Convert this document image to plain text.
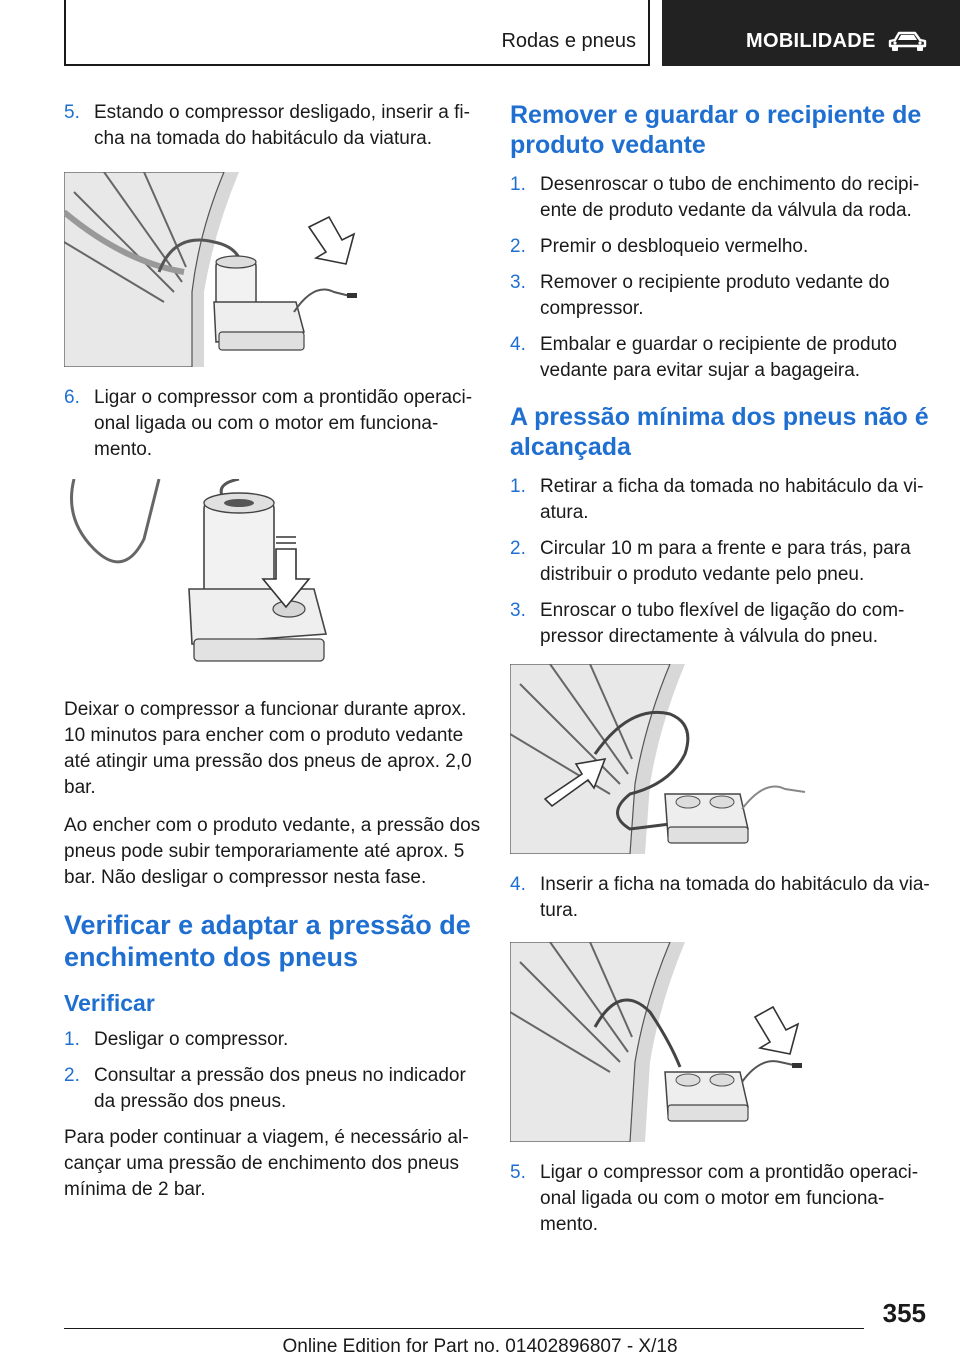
Rodas e pneus	MOBILIDADE
5. Estando o compressor desligado, inserir a ficha na tomada do habitáculo da viatura.
6. Ligar o compressor com a prontidão operacional ligada ou com o motor em funcionamento.

Deixar o compressor a funcionar durante aprox. 10 minutos para encher com o produto vedante até atingir uma pressão dos pneus de aprox. 2,0 bar.

Ao encher com o produto vedante, a pressão dos pneus pode subir temporariamente até aprox. 5 bar. Não desligar o compressor nesta fase.

Verificar e adaptar a pressão de enchimento dos pneus
Verificar
1. Desligar o compressor.
2. Consultar a pressão dos pneus no indicador da pressão dos pneus.

Para poder continuar a viagem, é necessário alcançar uma pressão de enchimento dos pneus mínima de 2 bar.

Remover e guardar o recipiente de produto vedante
1. Desenroscar o tubo de enchimento do recipiente de produto vedante da válvula da roda.
2. Premir o desbloqueio vermelho.
3. Remover o recipiente produto vedante do compressor.
4. Embalar e guardar o recipiente de produto vedante para evitar sujar a bagageira.
A pressão mínima dos pneus não é alcançada
1. Retirar a ficha da tomada no habitáculo da viatura.
2. Circular 10 m para a frente e para trás, para distribuir o produto vedante pelo pneu.
3. Enroscar o tubo flexível de ligação do compressor directamente à válvula do pneu.
4. Inserir a ficha na tomada do habitáculo da viatura.
5. Ligar o compressor com a prontidão operacional ligada ou com o motor em funcionamento.
355
Online Edition for Part no. 01402896807 - X/18
